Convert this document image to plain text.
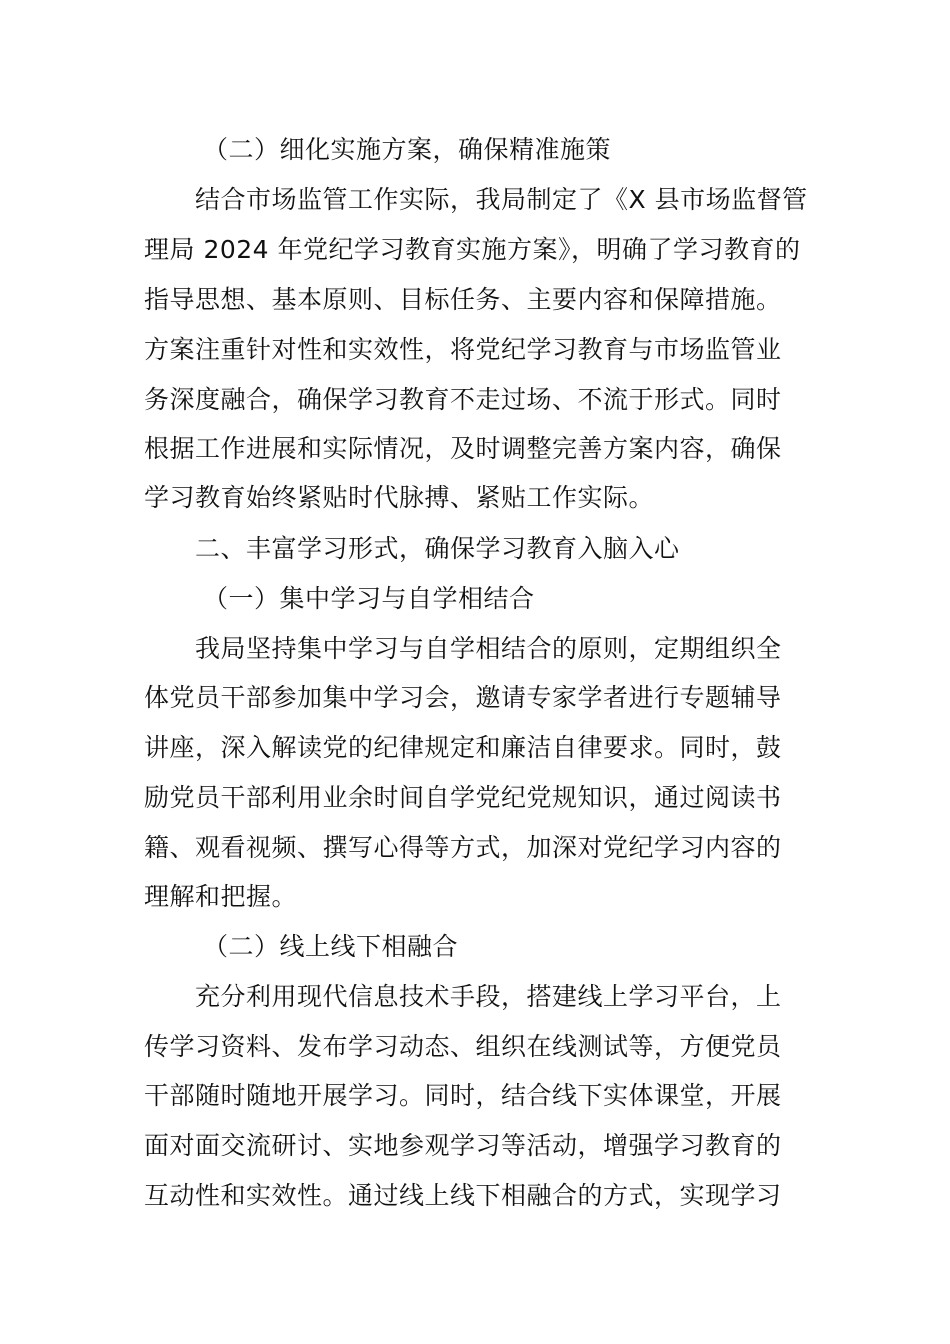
（二）细化实施方案，确保精准施策
结合市场监管工作实际，我局制定了《X 县市场监督管
理局 2024 年党纪学习教育实施方案》，明确了学习教育的
指导思想、基本原则、目标任务、主要内容和保障措施。
方案注重针对性和实效性，将党纪学习教育与市场监管业
务深度融合，确保学习教育不走过场、不流于形式。同时
根据工作进展和实际情况，及时调整完善方案内容，确保
学习教育始终紧贴时代脉搏、紧贴工作实际。
二、丰富学习形式，确保学习教育入脑入心
（一）集中学习与自学相结合
我局坚持集中学习与自学相结合的原则，定期组织全
体党员干部参加集中学习会，邀请专家学者进行专题辅导
讲座，深入解读党的纪律规定和廉洁自律要求。同时，鼓
励党员干部利用业余时间自学党纪党规知识，通过阅读书
籍、观看视频、撰写心得等方式，加深对党纪学习内容的
理解和把握。
（二）线上线下相融合
充分利用现代信息技术手段，搭建线上学习平台，上
传学习资料、发布学习动态、组织在线测试等，方便党员
干部随时随地开展学习。同时，结合线下实体课堂，开展
面对面交流研讨、实地参观学习等活动，增强学习教育的
互动性和实效性。通过线上线下相融合的方式，实现学习
